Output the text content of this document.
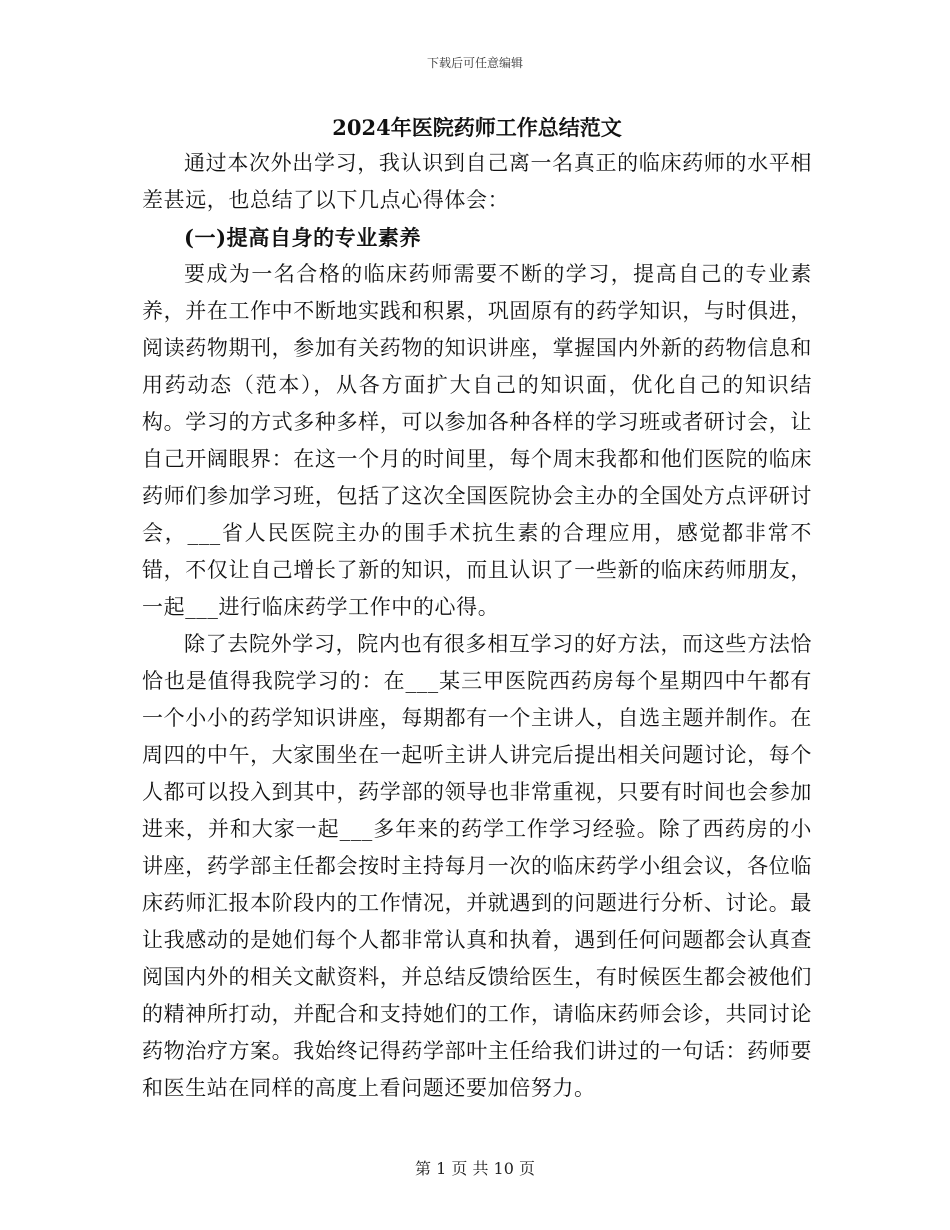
下载后可任意编辑
2024年医院药师工作总结范文

通过本次外出学习，我认识到自己离一名真正的临床药师的水平相差甚远，也总结了以下几点心得体会：

(一)提高自身的专业素养

要成为一名合格的临床药师需要不断的学习，提高自己的专业素养，并在工作中不断地实践和积累，巩固原有的药学知识，与时俱进，阅读药物期刊，参加有关药物的知识讲座，掌握国内外新的药物信息和用药动态（范本），从各方面扩大自己的知识面，优化自己的知识结构。学习的方式多种多样，可以参加各种各样的学习班或者研讨会，让自己开阔眼界：在这一个月的时间里，每个周末我都和他们医院的临床药师们参加学习班，包括了这次全国医院协会主办的全国处方点评研讨会，___省人民医院主办的围手术抗生素的合理应用，感觉都非常不错，不仅让自己增长了新的知识，而且认识了一些新的临床药师朋友，一起___进行临床药学工作中的心得。

除了去院外学习，院内也有很多相互学习的好方法，而这些方法恰恰也是值得我院学习的：在___某三甲医院西药房每个星期四中午都有一个小小的药学知识讲座，每期都有一个主讲人，自选主题并制作。在周四的中午，大家围坐在一起听主讲人讲完后提出相关问题讨论，每个人都可以投入到其中，药学部的领导也非常重视，只要有时间也会参加进来，并和大家一起___多年来的药学工作学习经验。除了西药房的小讲座，药学部主任都会按时主持每月一次的临床药学小组会议，各位临床药师汇报本阶段内的工作情况，并就遇到的问题进行分析、讨论。最让我感动的是她们每个人都非常认真和执着，遇到任何问题都会认真查阅国内外的相关文献资料，并总结反馈给医生，有时候医生都会被他们的精神所打动，并配合和支持她们的工作，请临床药师会诊，共同讨论药物治疗方案。我始终记得药学部叶主任给我们讲过的一句话：药师要和医生站在同样的高度上看问题还要加倍努力。

第 1 页 共 10 页
